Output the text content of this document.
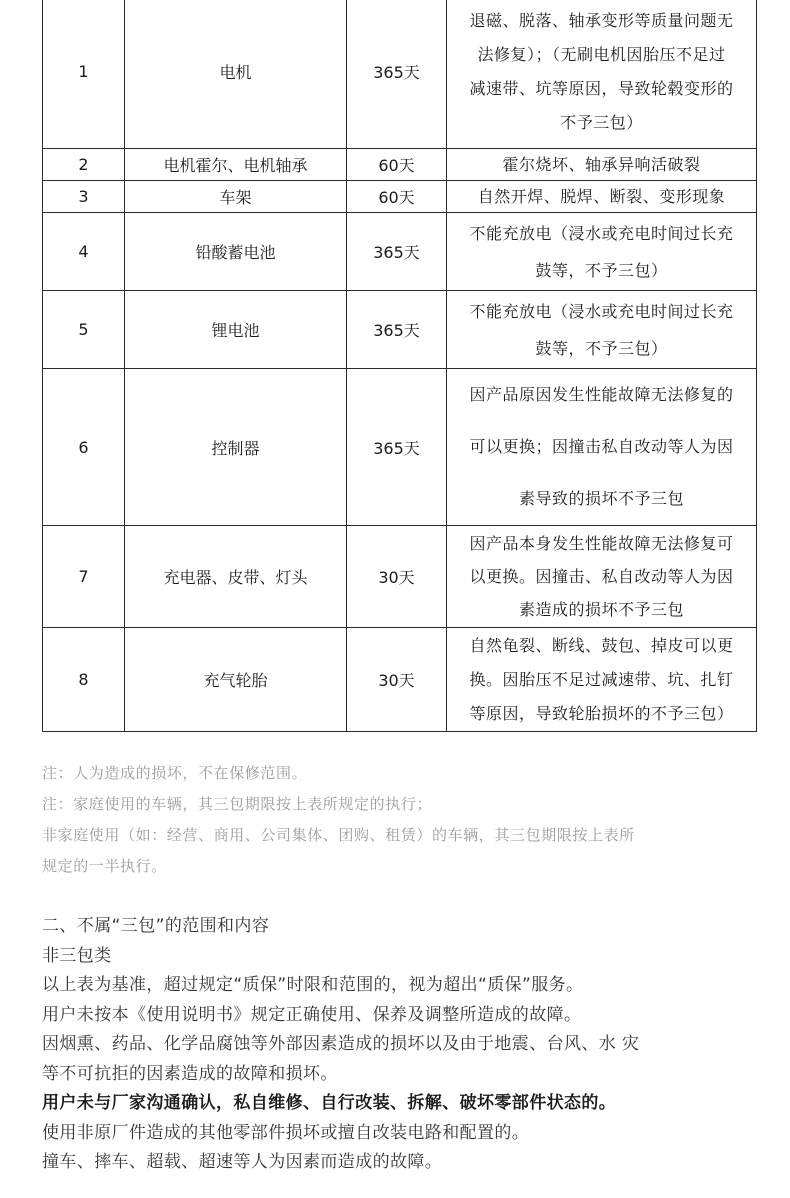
1	电机	365天	退磁、脱落、轴承变形等质量问题无
法修复）；（无刷电机因胎压不足过
减速带、坑等原因，导致轮毂变形的

不予三包）

2	电机霍尔、电机轴承	60天	霍尔烧坏、轴承异响活破裂
3	车架	60天	自然开焊、脱焊、断裂、变形现象
4	铅酸蓄电池	365天	不能充放电（浸水或充电时间过长充

鼓等，不予三包）

5	锂电池	365天	不能充放电（浸水或充电时间过长充

鼓等，不予三包）

6	控制器	365天	因产品原因发生性能故障无法修复的
可以更换；因撞击私自改动等人为因

素导致的损坏不予三包

7	充电器、皮带、灯头	30天	因产品本身发生性能故障无法修复可
以更换。因撞击、私自改动等人为因

素造成的损坏不予三包

8	充气轮胎	30天	自然龟裂、断线、鼓包、掉皮可以更
换。因胎压不足过减速带、坑、扎钉
等原因，导致轮胎损坏的不予三包）

注：人为造成的损坏，不在保修范围。

注：家庭使用的车辆，其三包期限按上表所规定的执行；

非家庭使用（如：经营、商用、公司集体、团购、租赁）的车辆，其三包期限按上表所

规定的一半执行。

二、不属“三包”的范围和内容

非三包类

以上表为基准，超过规定“质保”时限和范围的，视为超出“质保”服务。

用户未按本《使用说明书》规定正确使用、保养及调整所造成的故障。

因烟熏、药品、化学品腐蚀等外部因素造成的损坏以及由于地震、台风、水 灾

等不可抗拒的因素造成的故障和损坏。

用户未与厂家沟通确认，私自维修、自行改装、拆解、破坏零部件状态的。

使用非原厂件造成的其他零部件损坏或擅自改装电路和配置的。

撞车、摔车、超载、超速等人为因素而造成的故障。
